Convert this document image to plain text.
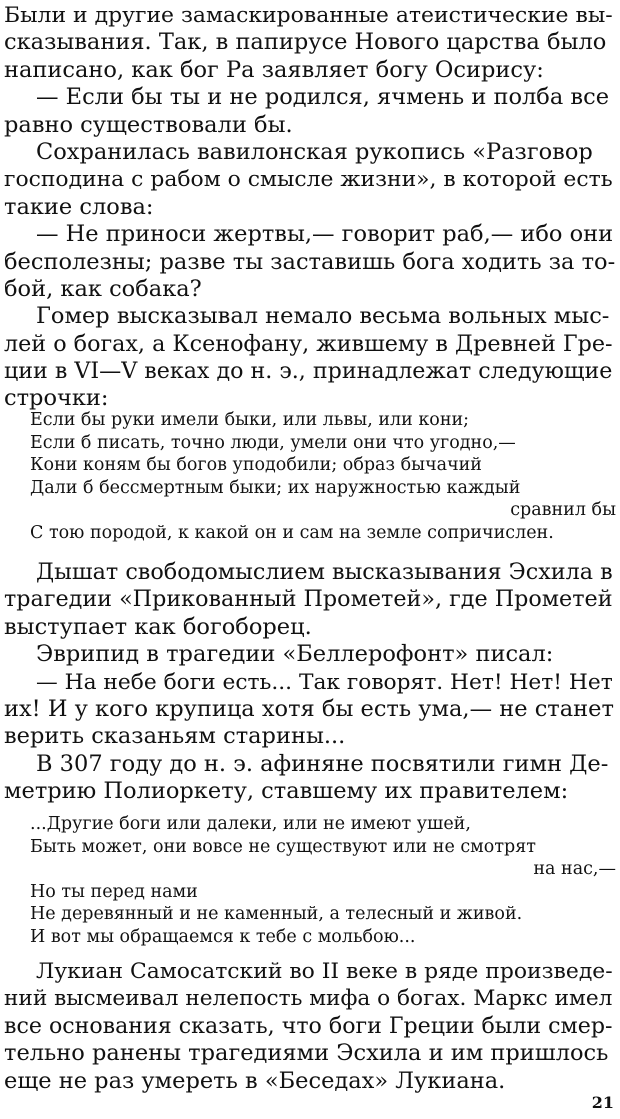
Были и другие замаскированные атеистические вы-
сказывания. Так, в папирусе Нового царства было
написано, как бог Ра заявляет богу Осирису:
— Если бы ты и не родился, ячмень и полба все
равно существовали бы.
Сохранилась вавилонская рукопись «Разговор
господина с рабом о смысле жизни», в которой есть
такие слова:
— Не приноси жертвы,— говорит раб,— ибо они
бесполезны; разве ты заставишь бога ходить за то-
бой, как собака?
Гомер высказывал немало весьма вольных мыс-
лей о богах, а Ксенофану, жившему в Древней Гре-
ции в VI—V веках до н. э., принадлежат следующие
строчки:
Если бы руки имели быки, или львы, или кони;
Если б писать, точно люди, умели они что угодно,—
Кони коням бы богов уподобили; образ бычачий
Дали б бессмертным быки; их наружностью каждый
сравнил бы
С тою породой, к какой он и сам на земле сопричислен.
Дышат свободомыслием высказывания Эсхила в
трагедии «Прикованный Прометей», где Прометей
выступает как богоборец.
Эврипид в трагедии «Беллерофонт» писал:
— На небе боги есть... Так говорят. Нет! Нет! Нет
их! И у кого крупица хотя бы есть ума,— не станет
верить сказаньям старины...
В 307 году до н. э. афиняне посвятили гимн Де-
метрию Полиоркету, ставшему их правителем:
...Другие боги или далеки, или не имеют ушей,
Быть может, они вовсе не существуют или не смотрят
на нас,—
Но ты перед нами
Не деревянный и не каменный, а телесный и живой.
И вот мы обращаемся к тебе с мольбою...
Лукиан Самосатский во II веке в ряде произведе-
ний высмеивал нелепость мифа о богах. Маркс имел
все основания сказать, что боги Греции были смер-
тельно ранены трагедиями Эсхила и им пришлось
еще не раз умереть в «Беседах» Лукиана.
21
